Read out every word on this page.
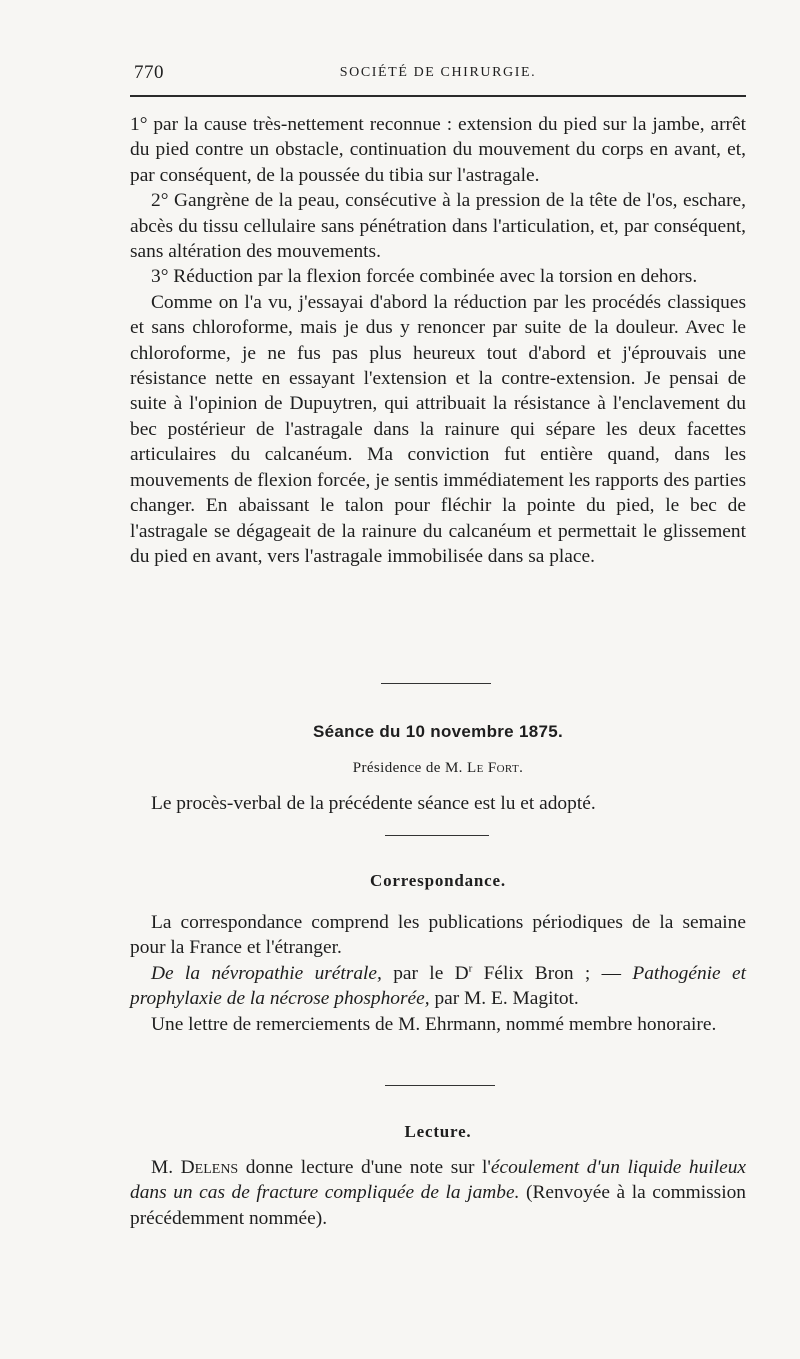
770	SOCIÉTÉ DE CHIRURGIE.

1° par la cause très-nettement reconnue : extension du pied sur la jambe, arrêt du pied contre un obstacle, continuation du mouvement du corps en avant, et, par conséquent, de la poussée du tibia sur l'astragale.

2° Gangrène de la peau, consécutive à la pression de la tête de l'os, eschare, abcès du tissu cellulaire sans pénétration dans l'articulation, et, par conséquent, sans altération des mouvements.

3° Réduction par la flexion forcée combinée avec la torsion en dehors.

Comme on l'a vu, j'essayai d'abord la réduction par les procédés classiques et sans chloroforme, mais je dus y renoncer par suite de la douleur. Avec le chloroforme, je ne fus pas plus heureux tout d'abord et j'éprouvais une résistance nette en essayant l'extension et la contre-extension. Je pensai de suite à l'opinion de Dupuytren, qui attribuait la résistance à l'enclavement du bec postérieur de l'astragale dans la rainure qui sépare les deux facettes articulaires du calcanéum. Ma conviction fut entière quand, dans les mouvements de flexion forcée, je sentis immédiatement les rapports des parties changer. En abaissant le talon pour fléchir la pointe du pied, le bec de l'astragale se dégageait de la rainure du calcanéum et permettait le glissement du pied en avant, vers l'astragale immobilisée dans sa place.

Séance du 10 novembre 1875.
Présidence de M. Le Fort.

Le procès-verbal de la précédente séance est lu et adopté.

Correspondance.

La correspondance comprend les publications périodiques de la semaine pour la France et l'étranger.

De la névropathie urétrale, par le $D^r$ Félix Bron ; — Pathogénie et prophylaxie de la nécrose phosphorée, par M. E. Magitot.

Une lettre de remerciements de M. Ehrmann, nommé membre honoraire.

Lecture.

M. Delens donne lecture d'une note sur l'écoulement d'un liquide huileux dans un cas de fracture compliquée de la jambe. (Renvoyée à la commission précédemment nommée).
